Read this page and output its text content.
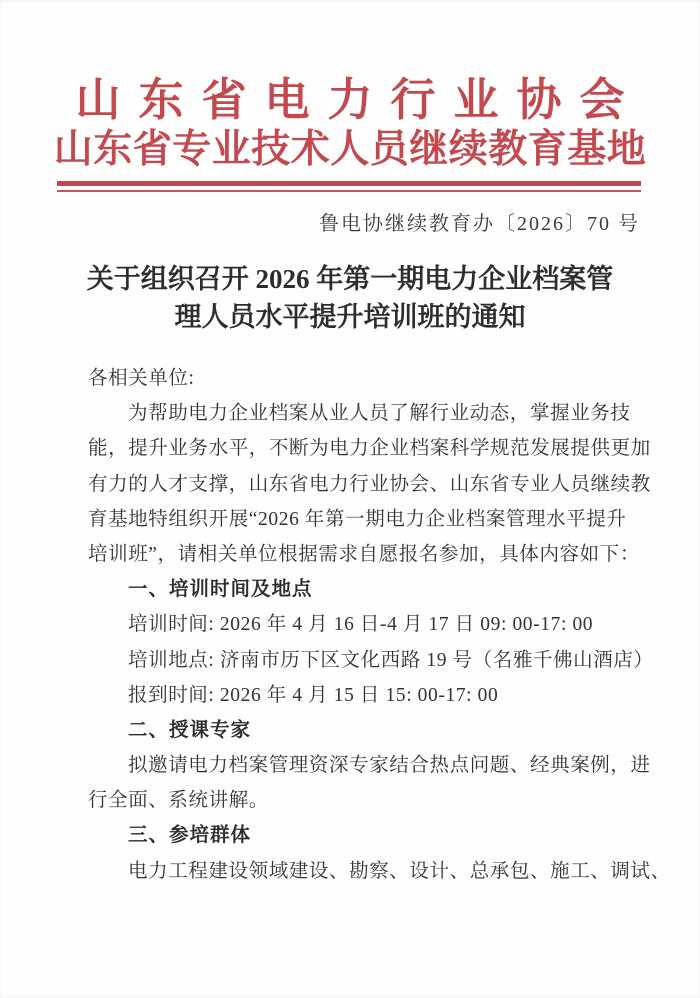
山东省电力行业协会
山东省专业技术人员继续教育基地
鲁电协继续教育办〔2026〕70 号
关于组织召开 2026 年第一期电力企业档案管
理人员水平提升培训班的通知
各相关单位:
为帮助电力企业档案从业人员了解行业动态，掌握业务技
能，提升业务水平，不断为电力企业档案科学规范发展提供更加
有力的人才支撑，山东省电力行业协会、山东省专业人员继续教
育基地特组织开展“2026 年第一期电力企业档案管理水平提升
培训班”，请相关单位根据需求自愿报名参加，具体内容如下：
一、培训时间及地点
培训时间: 2026 年 4 月 16 日-4 月 17 日 09: 00-17: 00
培训地点: 济南市历下区文化西路 19 号（名雅千佛山酒店）
报到时间: 2026 年 4 月 15 日 15: 00-17: 00
二、授课专家
拟邀请电力档案管理资深专家结合热点问题、经典案例，进
行全面、系统讲解。
三、参培群体
电力工程建设领域建设、勘察、设计、总承包、施工、调试、
